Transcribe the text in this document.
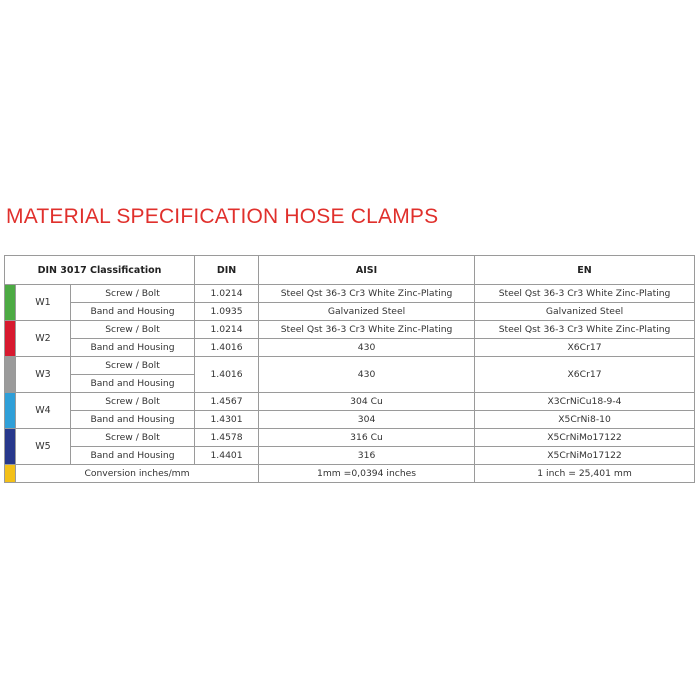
MATERIAL SPECIFICATION HOSE CLAMPS
DIN 3017 Classification			DIN	AISI	EN
	W1	Screw / Bolt	1.0214	Steel Qst 36-3 Cr3 White Zinc-Plating	Steel Qst 36-3 Cr3 White Zinc-Plating
		Band and Housing	1.0935	Galvanized Steel	Galvanized Steel
	W2	Screw / Bolt	1.0214	Steel Qst 36-3 Cr3 White Zinc-Plating	Steel Qst 36-3 Cr3 White Zinc-Plating
		Band and Housing	1.4016	430	X6Cr17
	W3	Screw / Bolt	1.4016	430	X6Cr17
		Band and Housing			
	W4	Screw / Bolt	1.4567	304 Cu	X3CrNiCu18-9-4
		Band and Housing	1.4301	304	X5CrNi8-10
	W5	Screw / Bolt	1.4578	316 Cu	X5CrNiMo17122
		Band and Housing	1.4401	316	X5CrNiMo17122
	Conversion inches/mm			1mm =0,0394 inches	1 inch = 25,401 mm
